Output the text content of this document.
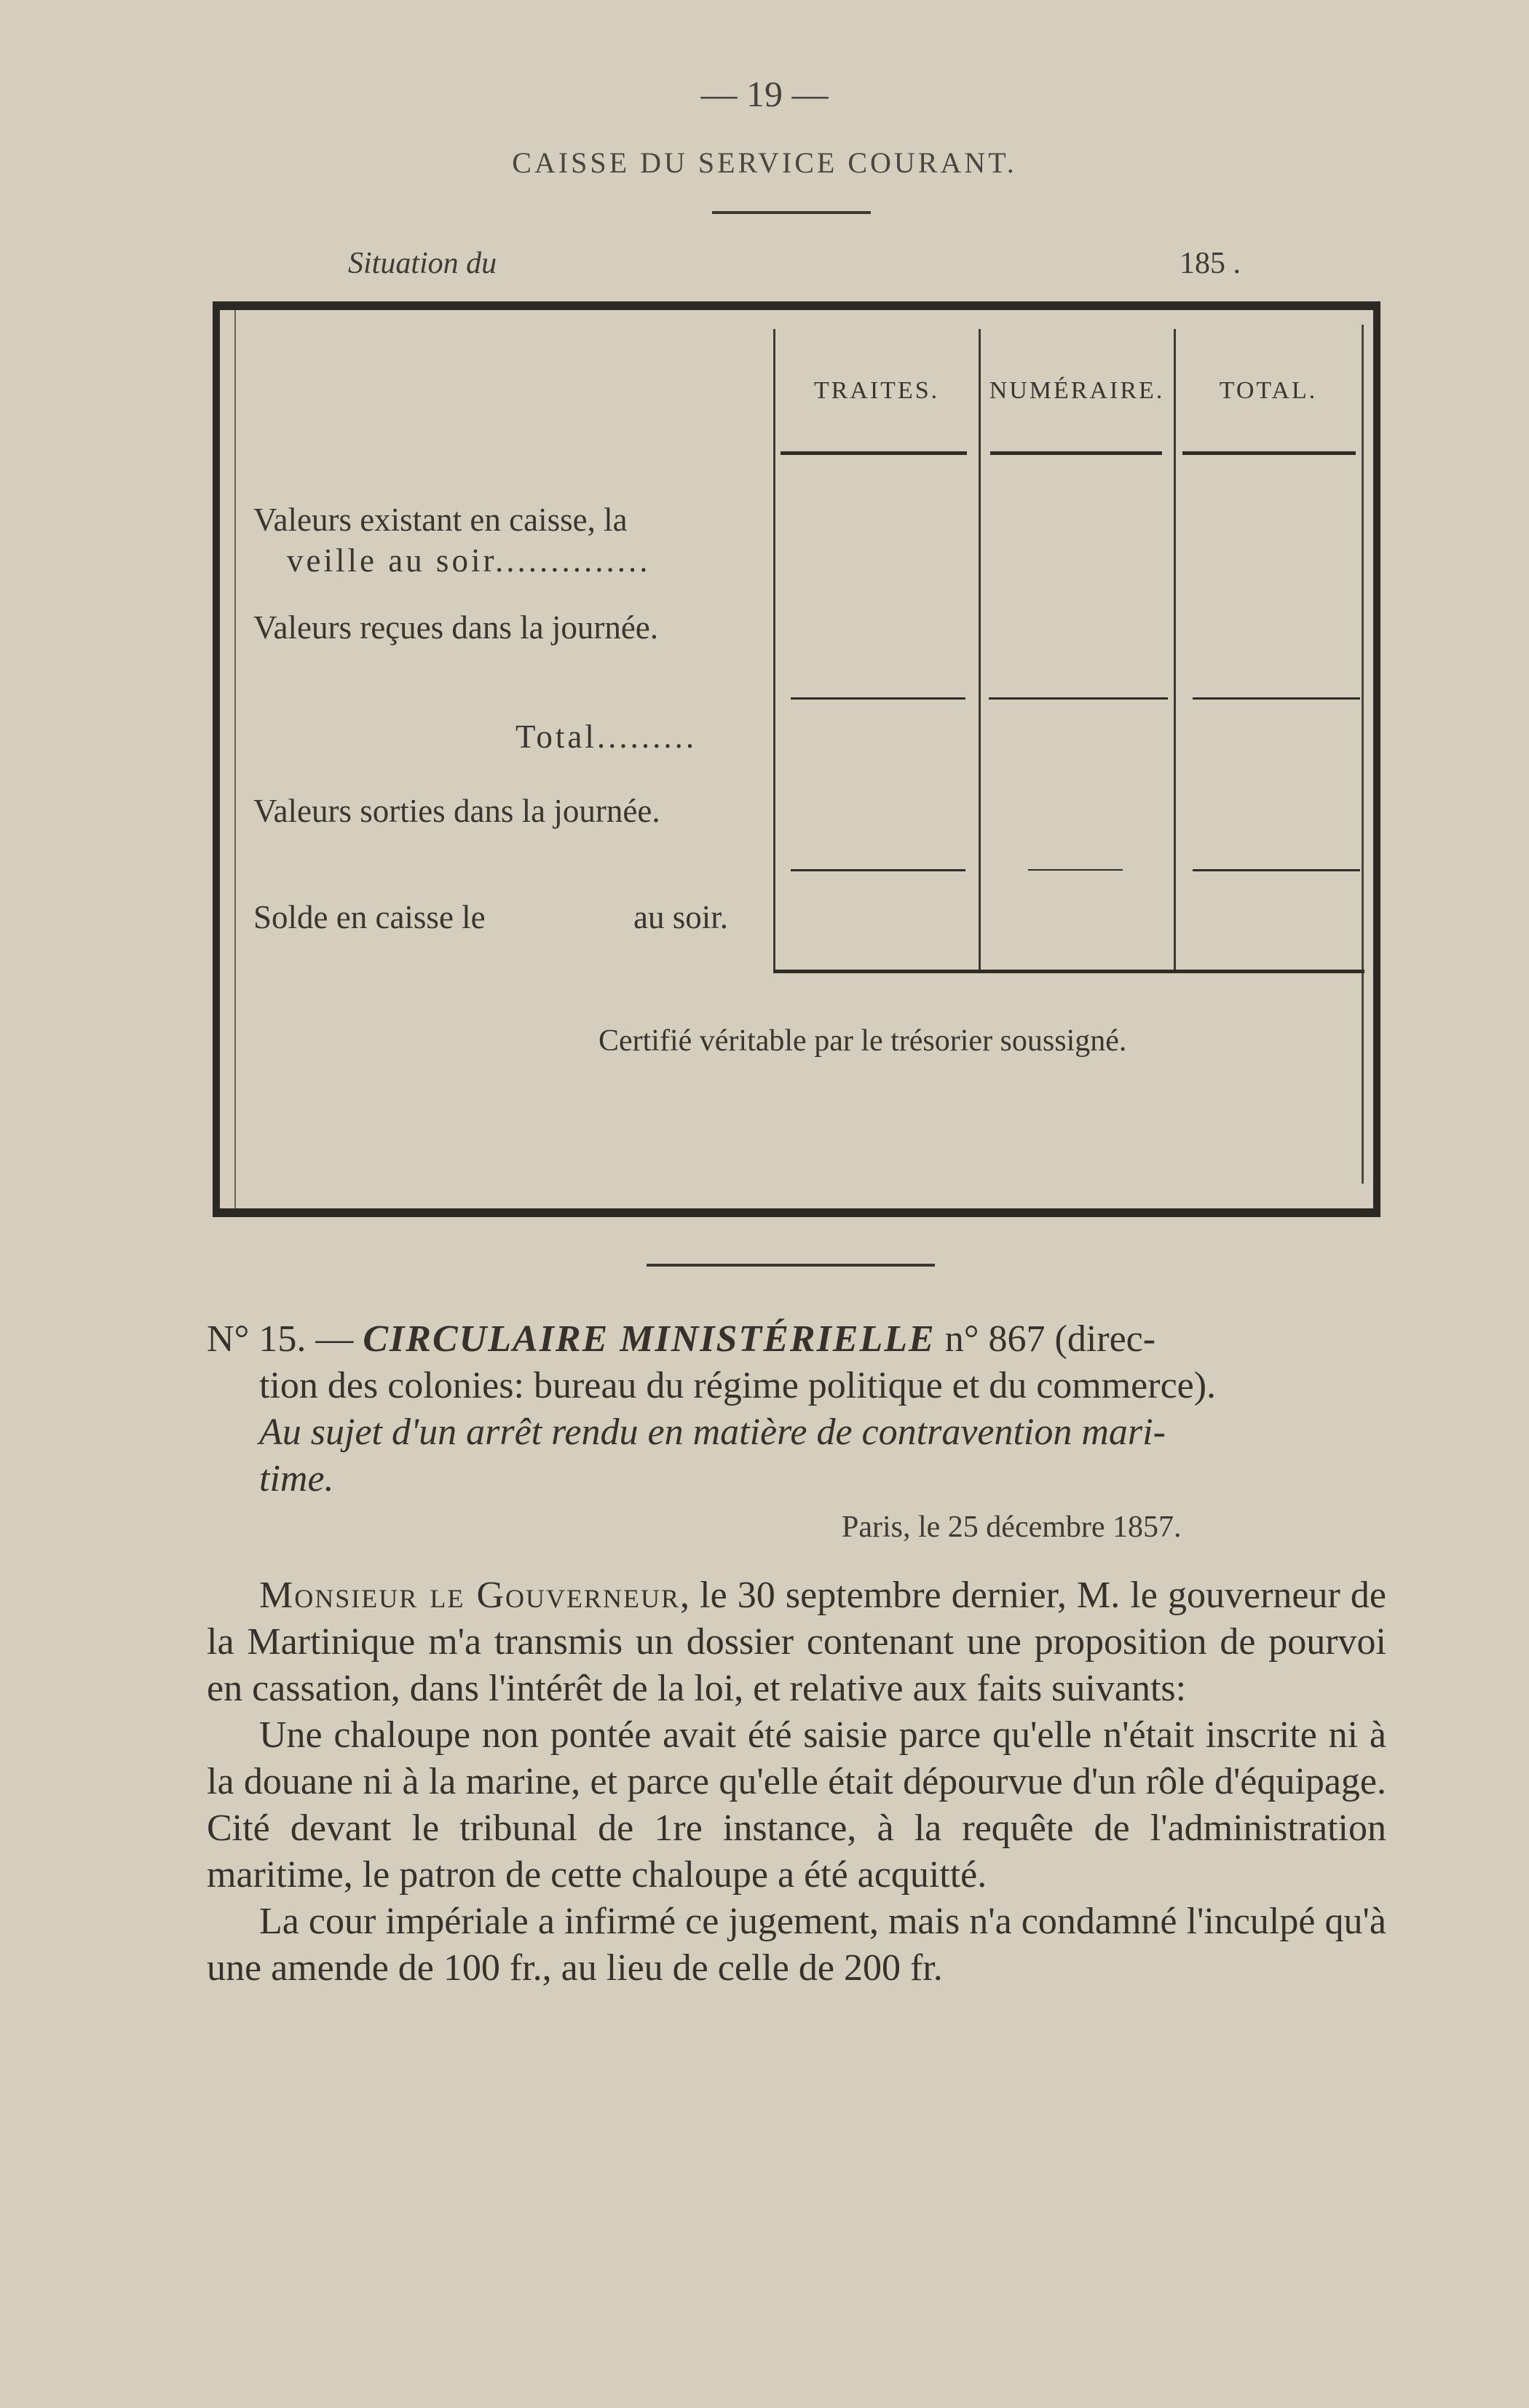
— 19 —
CAISSE DU SERVICE COURANT.
Situation du	185 .
TRAITES.	NUMÉRAIRE.	TOTAL.
Valeurs existant en caisse, la
veille au soir..............
Valeurs reçues dans la journée.
Total.........
Valeurs sorties dans la journée.
Solde en caisse le	au soir.
Certifié véritable par le trésorier soussigné.
N° 15. — CIRCULAIRE MINISTÉRIELLE n° 867 (direc-
tion des colonies: bureau du régime politique et du commerce).
Au sujet d'un arrêt rendu en matière de contravention mari-
time.
Paris, le 25 décembre 1857.

Monsieur le Gouverneur, le 30 septembre dernier, M. le gouverneur de la Martinique m'a transmis un dossier contenant une proposition de pourvoi en cassation, dans l'intérêt de la loi, et relative aux faits suivants:

Une chaloupe non pontée avait été saisie parce qu'elle n'était inscrite ni à la douane ni à la marine, et parce qu'elle était dépourvue d'un rôle d'équipage. Cité devant le tribunal de 1re instance, à la requête de l'administration maritime, le patron de cette chaloupe a été acquitté.

La cour impériale a infirmé ce jugement, mais n'a condamné l'inculpé qu'à une amende de 100 fr., au lieu de celle de 200 fr.
